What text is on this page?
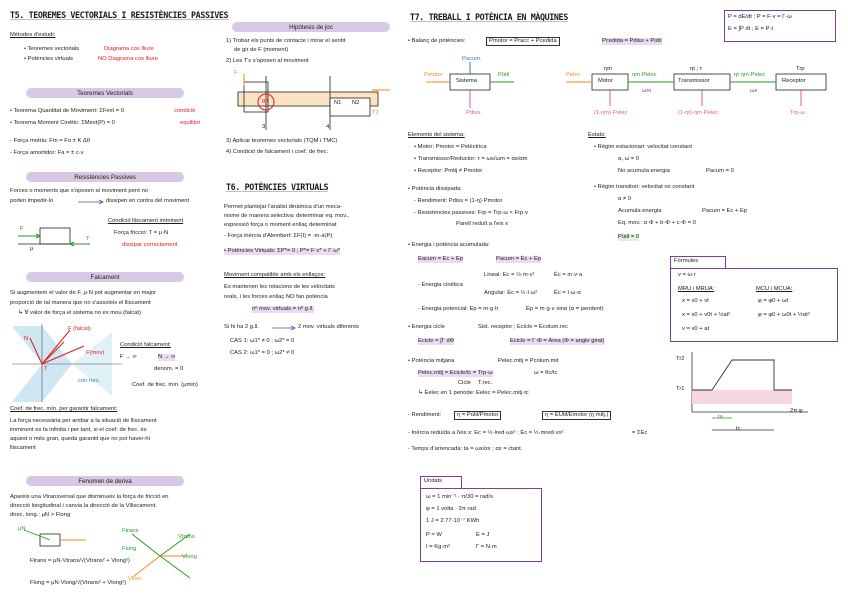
T5. TEOREMES VECTORIALS I RESISTÈNCIES PASSIVES
Mètodes d'estudi:
• Teoremes vectorials	Diagrama cos lliure
• Potències virtuals	NO Diagrama cos lliure
Teoremes Vectorials
• Teorema Quantitat de Moviment: ΣFext = 0	condició
• Teorema Moment Cinètic: ΣMext(P) = 0	equilibri
- Força motriu: Fm = Fo ± K Δθ
- Força amortidor: Fa = ± c·v
Resistències Passives
Forces o moments que s'oposen al moviment però no
poden impedir-lo	dissipen en contra del moviment
F
T
μ
Condició lliscament imminent
Força fricció: T = μ·N
dissipar correctament
Falcament
Si augmentem el valor de F, μ·N pot augmentar en major
proporció de tal manera que no s'assoleix el lliscament
↳ ∀ valor de força el sistema no es mou (falcat)
F (falcat)
F(mov)
N
T
con frec.
Condició falcament:
F → ∞	N → ∞
denom. = 0
Coef. de frec. mín. (μmin)
Coef. de frec. mín. per garantir falcament:
La força necessària per arribar a la situació de lliscament
imminent es fa infinita i per tant, si el coef. de frec. és
aquest o més gran, queda garantit que no pot haver-hi
lliscament
Fenomen de deriva
Aparèix una Vtransversal que disminueix la força de fricció en
direcció longitudinal i canvia la direcció de la Vlliscament.
direc. long.: μN > Flong
μN
Ftrans = μN·Vtrans/√(Vtrans² + Vlong²)
Flong = μN·Vlong/√(Vtrans² + Vlong²)
Ftrans
Flong
Vtrans
Vlong
Vllisc.
Hipòtesis de joc
1) Trobar els punts de contacte i mirar el sentit
de gir de F (moment)
2) Les T's s'oposen al moviment
F
gir	N1 N2
T1
T2
3	4
3) Aplicar teoremes vectorials (TQM i TMC)
4) Condició de falcament i coef. de frec.
T6. POTÈNCIES VIRTUALS
Permet plantejar l'anàlisi dinàmica d'un meca-
nisme de manera selectiva: determinar eq. mov.,
expressió força o moment enllaç determinat
- Força inèrcia d'Alembert: ΣF(I) = -m·a(P)
• Potències Virtuals: ΣP*= 0 ; P*= F·v* + Γ·ω*
Moviment compatible amb els enllaços:
Es mantenen les relacions de les velocitats
reals, i les forces enllaç NO fan potència
nº mov. virtuals = nº g.ll.
Si hi ha 2 g.ll.	2 mov. virtuals diferents
CAS 1: ω1* ≠ 0 ; ω2* = 0
CAS 2: ω1* = 0 ; ω2* ≠ 0
T7. TREBALL I POTÈNCIA EN MÀQUINES	P = dE/dt ; P = F·v = Γ·ω
E = ∫P dt ; E = P·t
• Balanç de potències:	Pmotor = Pracc + Pcedida	Pcedida = Pdiss + Pútil
Pacum.
Pmotor
Sistema
Pútil
Pdiss.
Pelec
Motor
ηm
ηm·Pelec
ωm
Transmissor
ηt ; τ
ηt·ηm·Pelec
ωs
Receptor
Trp
(1-ηm)·Pelec	(1-ηt)·ηm·Pelec	Trp·ω
Elements del sistema:
• Motor: Pmotor = Pelèctrica
• Transmissor/Reductor: τ = ωs/ωm = αs/αm
• Receptor: Pmitj ≠ Pmotor
Estats:
• Règim estacionari: velocitat constant
α, ω̇ = 0
No acumula energia	Pacum = 0
• Règim transitori: velocitat no constant
α ≠ 0
Acumula energia	Pacum = Ec + Ep
Eq. mov.: α·Φ + b·Φ̇ + c·Φ = 0
Pútil = 0
• Potència dissipada:
- Rendiment: Pdiss = (1-η)·Pmotor
- Resistències passives: Frp = Trp·ω × Frp·v
Parell reduït a l'eix x
• Energia i potència acumulada:
Eacum = Ec + Ep	Pacum = Ėc + Ėp
- Energia cinètica
Lineal: Ec = ½·m·v²	Ėc = m·v·a
Angular: Ec = ½·I·ω²	Ėc = I·ω·α
- Energia potencial: Ep = m·g·h	Ėp = m·g·v·sinα (α = pendent)
• Energia cicle	Sist. receptor ; Ecicle = Ecolum.rec
Ecicle = ∫Γ dΦ	Ecicle = Γ·Φ = Àrea (Φ = angle girat)
• Potència mitjana	Pelec.mitj = Pcolum.mit
Pelec.mitj = Ecicle/tc = Trp·ω	ω = θc/tc
Cicle T.rec.
↳ Eelec en 1 periode: Eelec = Pelec.mitj·tc
- Rendiment:	η = Pútil/Pmotor	η = EÚtil/Emotor (η mitj.)
- Inèrcia reduïda a l'eix x: Ec = ½·Ired·ωx² ; Ec = ½·mred·vx²	= ΣEc
- Temps d'arrencada: ta = ωx/αx ; αx = ctant.
Fórmules
v = ω·r
MRU i MRUA:	MCU i MCUA:
x = x0 + vt	φ = φ0 + ωt
x = x0 + v0t + ½at²	φ = φ0 + ω0t + ½αt²
v = v0 + at
Tr2
Tr1
2π φ
ta
tc
Unitats
ω = 1 min⁻¹ · π/30 = rad/s
φ = 1 volta · 2π rad
1 J = 2.77·10⁻⁷ KWh
P = W	E = J
I = Kg·m²	Γ = N·m
